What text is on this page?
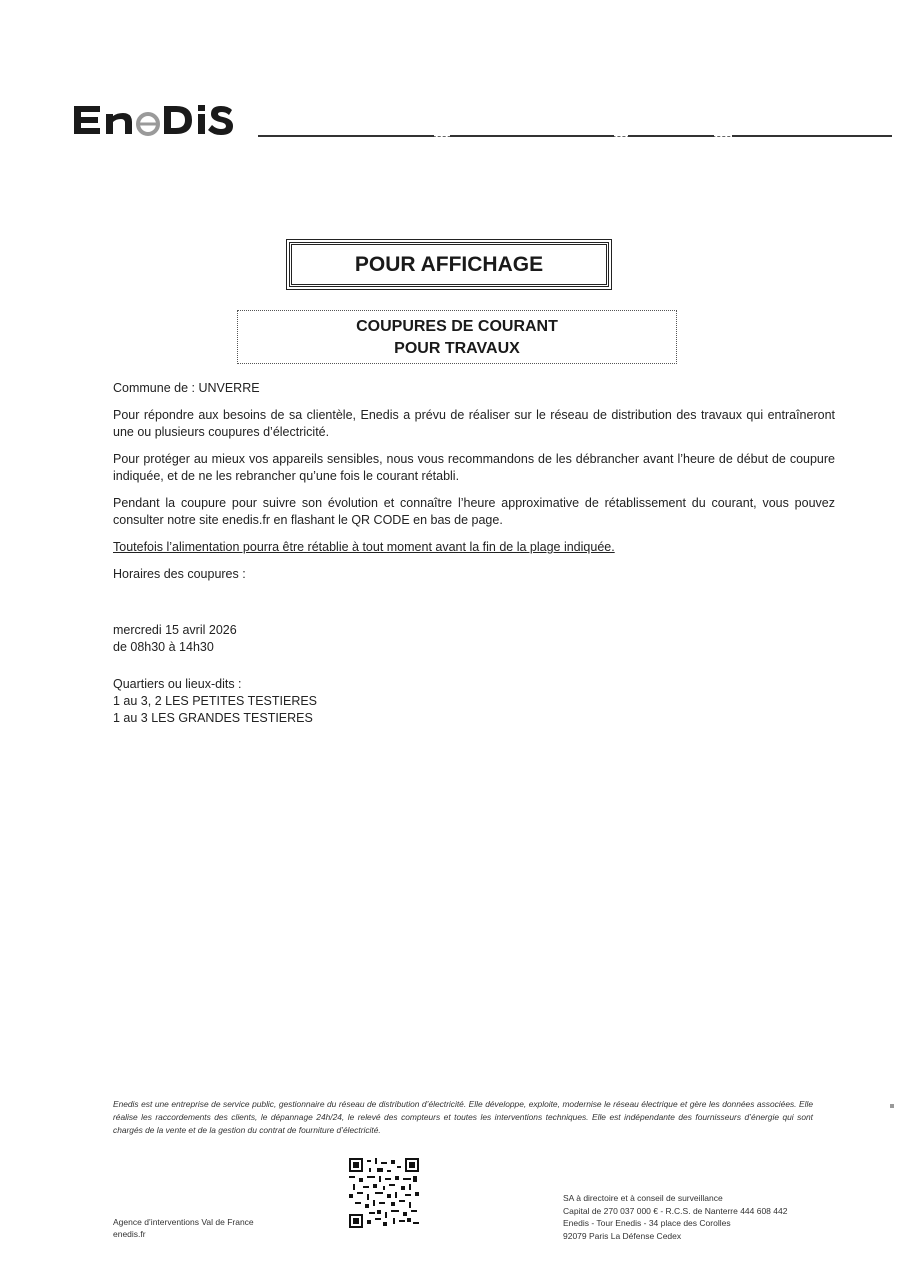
POUR AFFICHAGE
COUPURES DE COURANT
POUR TRAVAUX

Commune de : UNVERRE

Pour répondre aux besoins de sa clientèle, Enedis a prévu de réaliser sur le réseau de distribution des travaux qui entraîneront une ou plusieurs coupures d’électricité.

Pour protéger au mieux vos appareils sensibles, nous vous recommandons de les débrancher avant l’heure de début de coupure indiquée, et de ne les rebrancher qu’une fois le courant rétabli.

Pendant la coupure pour suivre son évolution et connaître l’heure approximative de rétablissement du courant, vous pouvez consulter notre site enedis.fr en flashant le QR CODE en bas de page.

Toutefois l’alimentation pourra être rétablie à tout moment avant la fin de la plage indiquée.

Horaires des coupures :

mercredi 15 avril 2026
de 08h30 à 14h30
Quartiers ou lieux-dits :
1 au 3, 2 LES PETITES TESTIERES
1 au 3 LES GRANDES TESTIERES
Enedis est une entreprise de service public, gestionnaire du réseau de distribution d’électricité. Elle développe, exploite, modernise le réseau électrique et gère les données associées. Elle réalise les raccordements des clients, le dépannage 24h/24, le relevé des compteurs et toutes les interventions techniques. Elle est indépendante des fournisseurs d’énergie qui sont chargés de la vente et de la gestion du contrat de fourniture d’électricité.
Agence d’interventions Val de France
enedis.fr
SA à directoire et à conseil de surveillance
Capital de 270 037 000 € - R.C.S. de Nanterre 444 608 442
Enedis - Tour Enedis - 34 place des Corolles
92079 Paris La Défense Cedex
